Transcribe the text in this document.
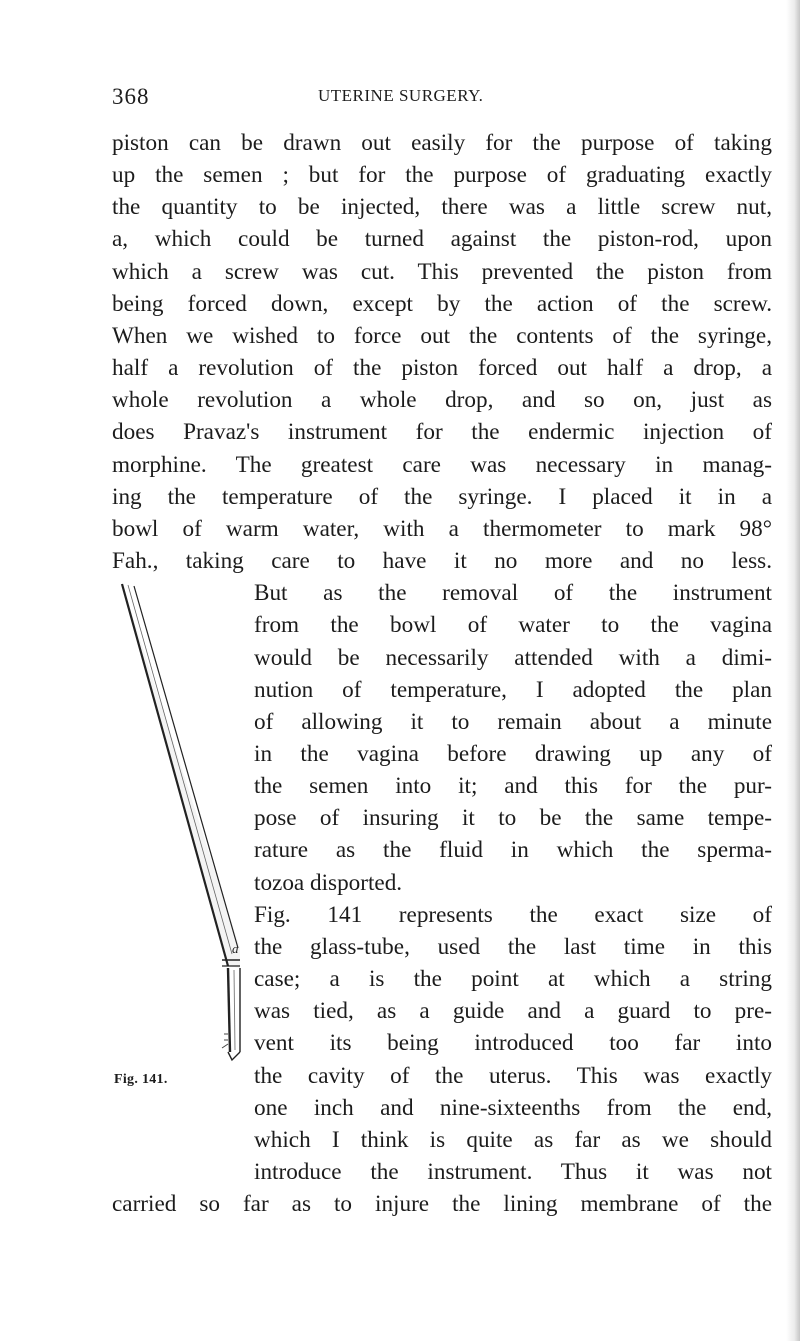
368	UTERINE SURGERY.
piston can be drawn out easily for the purpose of taking
up the semen ; but for the purpose of graduating exactly
the quantity to be injected, there was a little screw nut,
a, which could be turned against the piston-rod, upon
which a screw was cut. This prevented the piston from
being forced down, except by the action of the screw.
When we wished to force out the contents of the syringe,
half a revolution of the piston forced out half a drop, a
whole revolution a whole drop, and so on, just as
does Pravaz's instrument for the endermic injection of
morphine. The greatest care was necessary in manag-
ing the temperature of the syringe. I placed it in a
bowl of warm water, with a thermometer to mark 98°
Fah., taking care to have it no more and no less.
a
Fig. 141.
But as the removal of the instrument
from the bowl of water to the vagina
would be necessarily attended with a dimi-
nution of temperature, I adopted the plan
of allowing it to remain about a minute
in the vagina before drawing up any of
the semen into it; and this for the pur-
pose of insuring it to be the same tempe-
rature as the fluid in which the sperma-
tozoa disported.
Fig. 141 represents the exact size of
the glass-tube, used the last time in this
case; a is the point at which a string
was tied, as a guide and a guard to pre-
vent its being introduced too far into
the cavity of the uterus. This was exactly
one inch and nine-sixteenths from the end,
which I think is quite as far as we should
introduce the instrument. Thus it was not
carried so far as to injure the lining membrane of the
